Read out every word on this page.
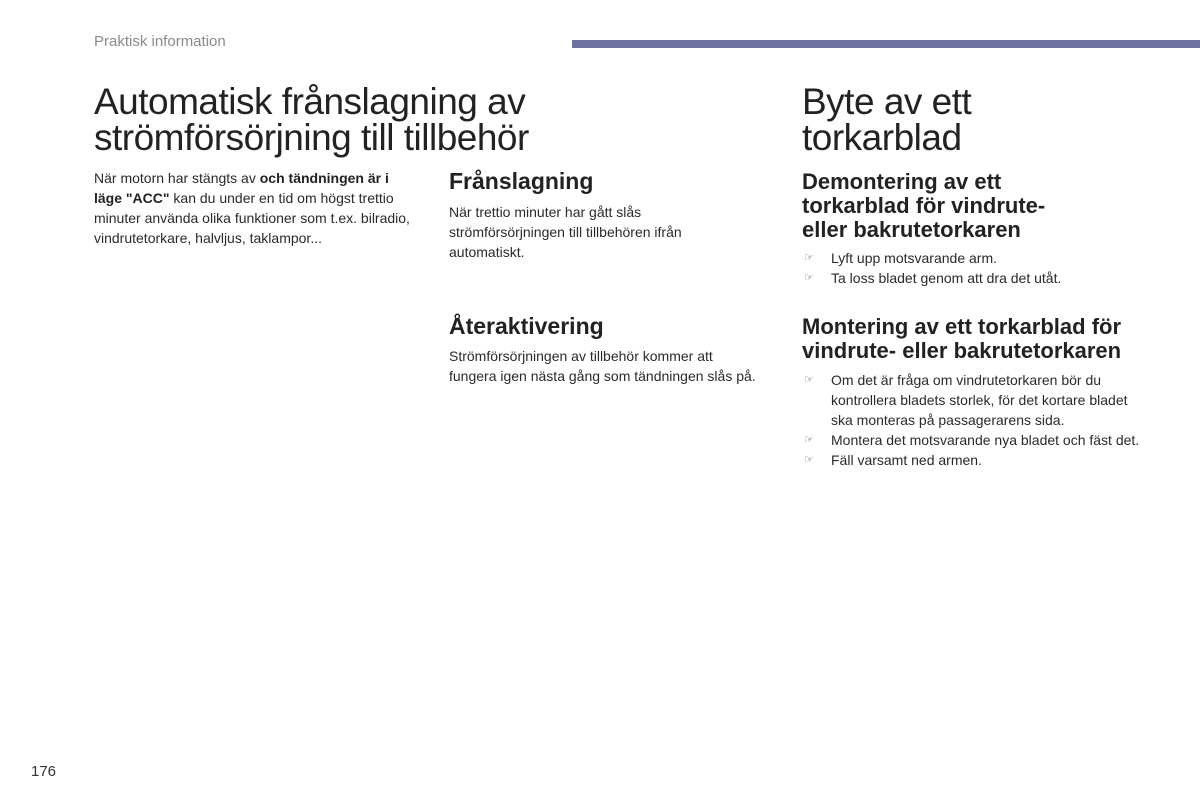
Praktisk information
Automatisk frånslagning av
strömförsörjning till tillbehör
När motorn har stängts av och tändningen är i läge "ACC" kan du under en tid om högst trettio minuter använda olika funktioner som t.ex. bilradio, vindrutetorkare, halvljus, taklampor...
Frånslagning
När trettio minuter har gått slås strömförsörjningen till tillbehören ifrån automatiskt.
Återaktivering
Strömförsörjningen av tillbehör kommer att fungera igen nästa gång som tändningen slås på.
Byte av ett
torkarblad
Demontering av ett
torkarblad för vindrute-
eller bakrutetorkaren
☞ Lyft upp motsvarande arm.
☞ Ta loss bladet genom att dra det utåt.
Montering av ett torkarblad för
vindrute- eller bakrutetorkaren
☞ Om det är fråga om vindrutetorkaren bör du kontrollera bladets storlek, för det kortare bladet ska monteras på passagerarens sida.
☞ Montera det motsvarande nya bladet och fäst det.
☞ Fäll varsamt ned armen.
176
